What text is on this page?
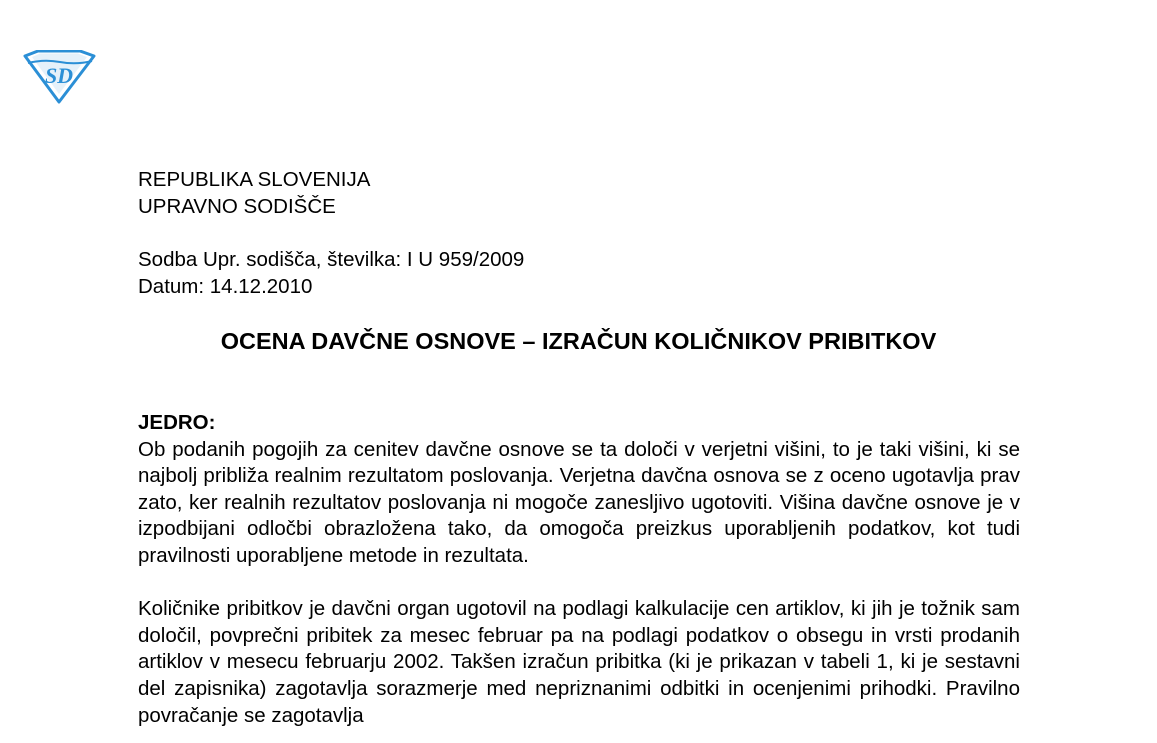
SD
REPUBLIKA SLOVENIJA
UPRAVNO SODIŠČE
Sodba Upr. sodišča, številka: I U 959/2009
Datum: 14.12.2010
OCENA DAVČNE OSNOVE – IZRAČUN KOLIČNIKOV PRIBITKOV
JEDRO:

Ob podanih pogojih za cenitev davčne osnove se ta določi v verjetni višini, to je taki višini, ki se najbolj približa realnim rezultatom poslovanja. Verjetna davčna osnova se z oceno ugotavlja prav zato, ker realnih rezultatov poslovanja ni mogoče zanesljivo ugotoviti. Višina davčne osnove je v izpodbijani odločbi obrazložena tako, da omogoča preizkus uporabljenih podatkov, kot tudi pravilnosti uporabljene metode in rezultata.

Količnike pribitkov je davčni organ ugotovil na podlagi kalkulacije cen artiklov, ki jih je tožnik sam določil, povprečni pribitek za mesec februar pa na podlagi podatkov o obsegu in vrsti prodanih artiklov v mesecu februarju 2002. Takšen izračun pribitka (ki je prikazan v tabeli 1, ki je sestavni del zapisnika) zagotavlja sorazmerje med nepriznanimi odbitki in ocenjenimi prihodki. Pravilno povračanje se zagotavlja
